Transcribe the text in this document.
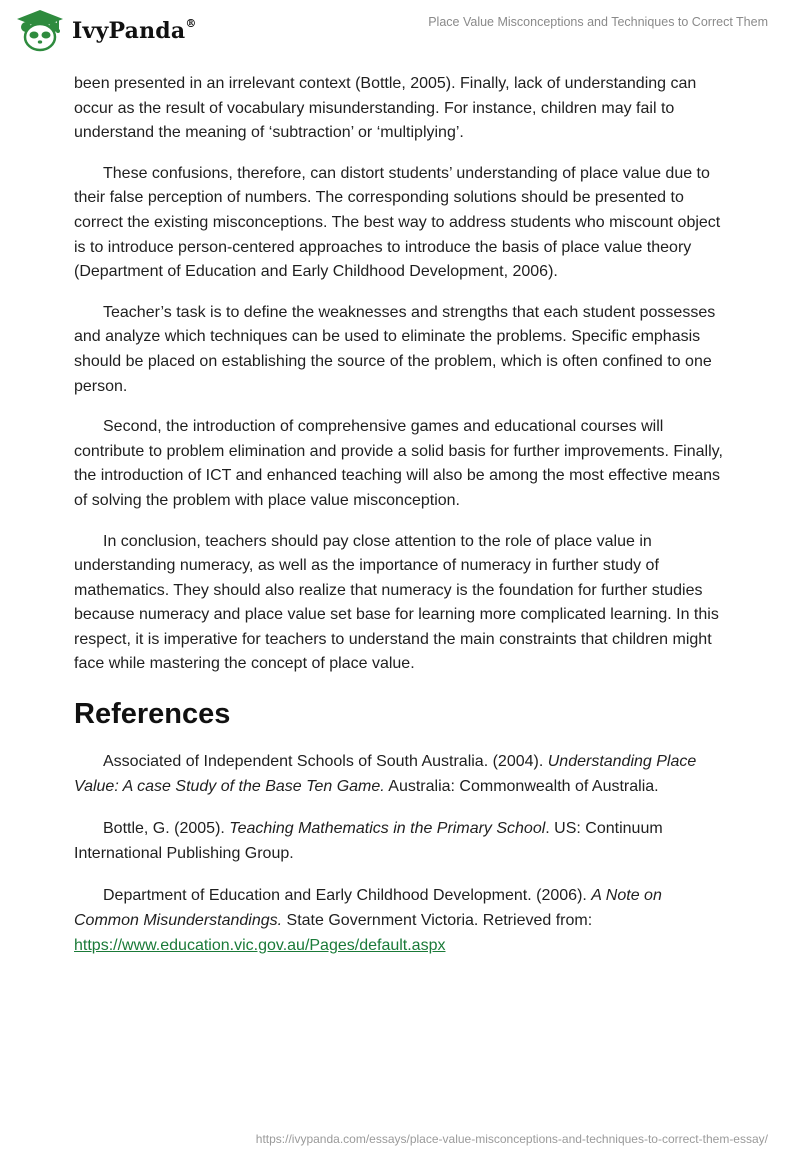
IvyPanda®	Place Value Misconceptions and Techniques to Correct Them

been presented in an irrelevant context (Bottle, 2005). Finally, lack of understanding can occur as the result of vocabulary misunderstanding. For instance, children may fail to understand the meaning of ‘subtraction’ or ‘multiplying’.

These confusions, therefore, can distort students’ understanding of place value due to their false perception of numbers. The corresponding solutions should be presented to correct the existing misconceptions. The best way to address students who miscount object is to introduce person-centered approaches to introduce the basis of place value theory (Department of Education and Early Childhood Development, 2006).

Teacher’s task is to define the weaknesses and strengths that each student possesses and analyze which techniques can be used to eliminate the problems. Specific emphasis should be placed on establishing the source of the problem, which is often confined to one person.

Second, the introduction of comprehensive games and educational courses will contribute to problem elimination and provide a solid basis for further improvements. Finally, the introduction of ICT and enhanced teaching will also be among the most effective means of solving the problem with place value misconception.

In conclusion, teachers should pay close attention to the role of place value in understanding numeracy, as well as the importance of numeracy in further study of mathematics. They should also realize that numeracy is the foundation for further studies because numeracy and place value set base for learning more complicated learning. In this respect, it is imperative for teachers to understand the main constraints that children might face while mastering the concept of place value.

References

Associated of Independent Schools of South Australia. (2004). Understanding Place Value: A case Study of the Base Ten Game. Australia: Commonwealth of Australia.

Bottle, G. (2005). Teaching Mathematics in the Primary School. US: Continuum International Publishing Group.

Department of Education and Early Childhood Development. (2006). A Note on Common Misunderstandings. State Government Victoria. Retrieved from: https://www.education.vic.gov.au/Pages/default.aspx

https://ivypanda.com/essays/place-value-misconceptions-and-techniques-to-correct-them-essay/
